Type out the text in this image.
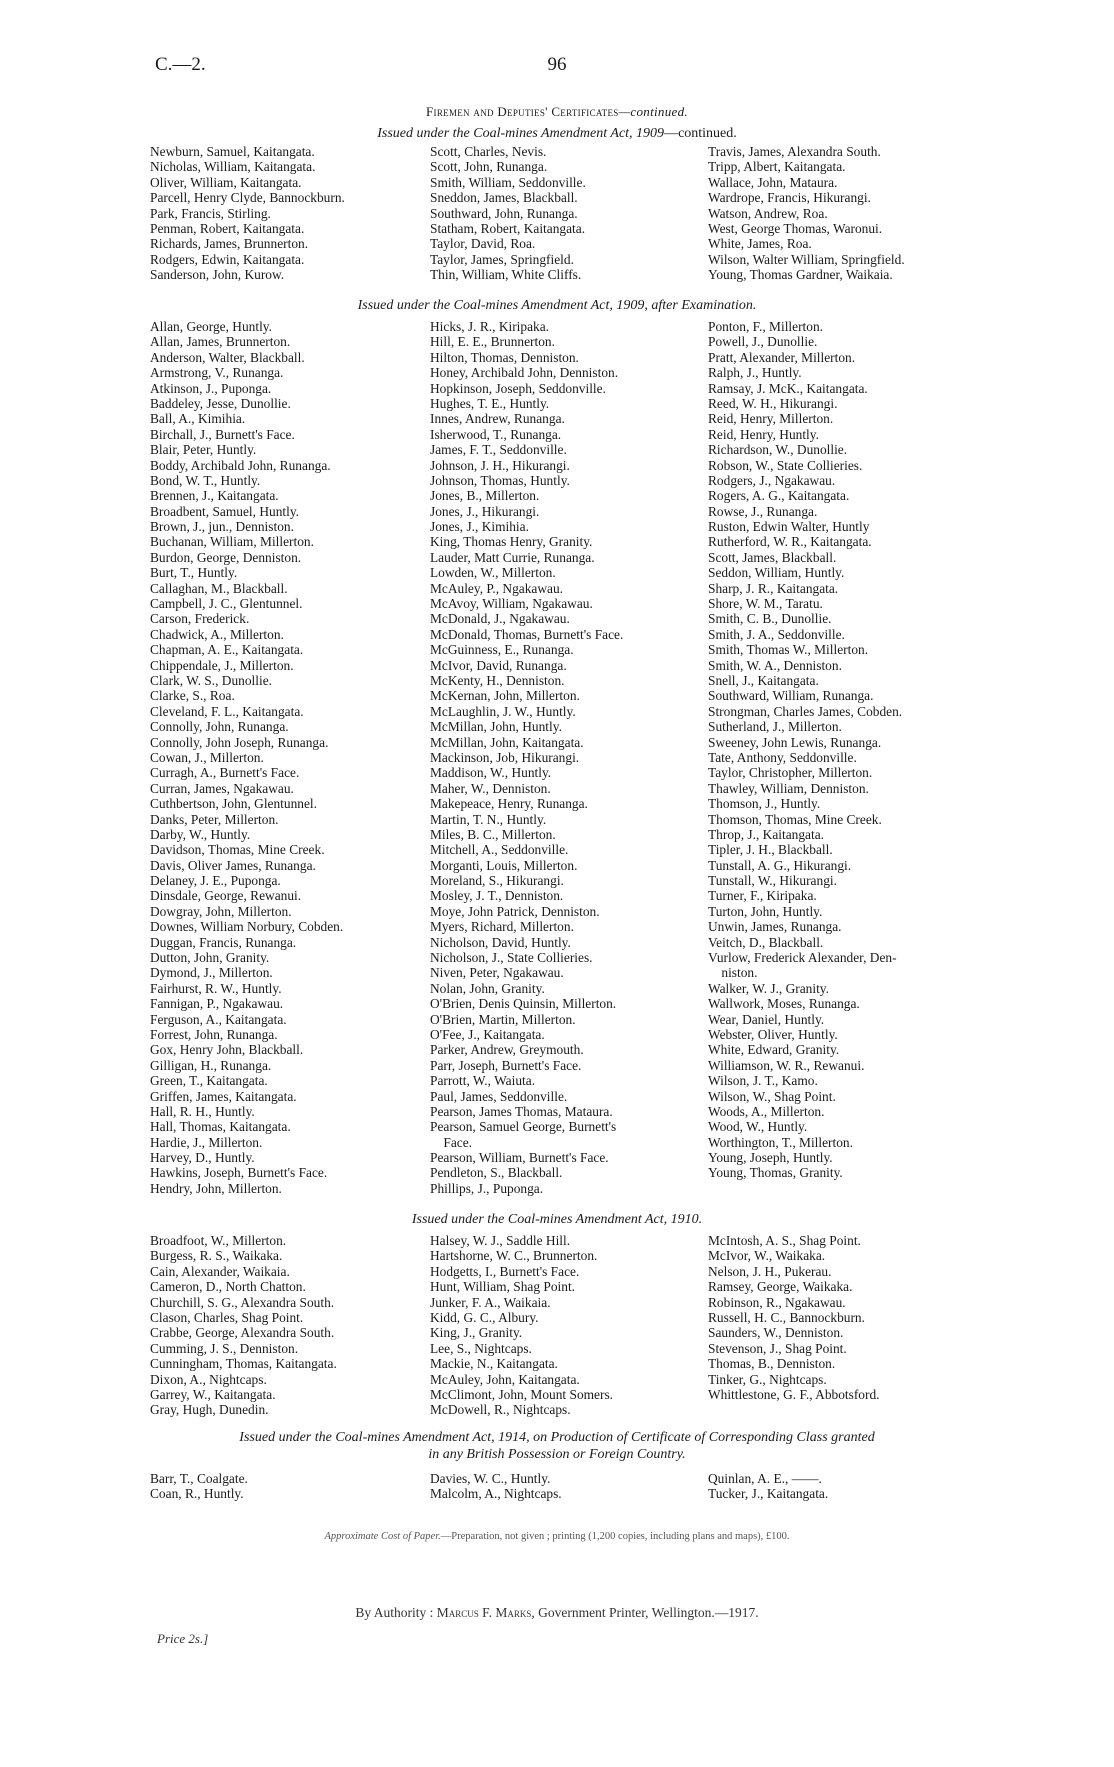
C.—2.	96
Firemen and Deputies' Certificates—continued.
Issued under the Coal-mines Amendment Act, 1909—continued.
Newburn, Samuel, Kaitangata.
Nicholas, William, Kaitangata.
Oliver, William, Kaitangata.
Parcell, Henry Clyde, Bannockburn.
Park, Francis, Stirling.
Penman, Robert, Kaitangata.
Richards, James, Brunnerton.
Rodgers, Edwin, Kaitangata.
Sanderson, John, Kurow.
Scott, Charles, Nevis.
Scott, John, Runanga.
Smith, William, Seddonville.
Sneddon, James, Blackball.
Southward, John, Runanga.
Statham, Robert, Kaitangata.
Taylor, David, Roa.
Taylor, James, Springfield.
Thin, William, White Cliffs.
Travis, James, Alexandra South.
Tripp, Albert, Kaitangata.
Wallace, John, Mataura.
Wardrope, Francis, Hikurangi.
Watson, Andrew, Roa.
West, George Thomas, Waronui.
White, James, Roa.
Wilson, Walter William, Springfield.
Young, Thomas Gardner, Waikaia.
Issued under the Coal-mines Amendment Act, 1909, after Examination.
Allan, George, Huntly.
Allan, James, Brunnerton.
Anderson, Walter, Blackball.
Armstrong, V., Runanga.
Atkinson, J., Puponga.
Baddeley, Jesse, Dunollie.
Ball, A., Kimihia.
Birchall, J., Burnett's Face.
Blair, Peter, Huntly.
Boddy, Archibald John, Runanga.
Bond, W. T., Huntly.
Brennen, J., Kaitangata.
Broadbent, Samuel, Huntly.
Brown, J., jun., Denniston.
Buchanan, William, Millerton.
Burdon, George, Denniston.
Burt, T., Huntly.
Callaghan, M., Blackball.
Campbell, J. C., Glentunnel.
Carson, Frederick.
Chadwick, A., Millerton.
Chapman, A. E., Kaitangata.
Chippendale, J., Millerton.
Clark, W. S., Dunollie.
Clarke, S., Roa.
Cleveland, F. L., Kaitangata.
Connolly, John, Runanga.
Connolly, John Joseph, Runanga.
Cowan, J., Millerton.
Curragh, A., Burnett's Face.
Curran, James, Ngakawau.
Cuthbertson, John, Glentunnel.
Danks, Peter, Millerton.
Darby, W., Huntly.
Davidson, Thomas, Mine Creek.
Davis, Oliver James, Runanga.
Delaney, J. E., Puponga.
Dinsdale, George, Rewanui.
Dowgray, John, Millerton.
Downes, William Norbury, Cobden.
Duggan, Francis, Runanga.
Dutton, John, Granity.
Dymond, J., Millerton.
Fairhurst, R. W., Huntly.
Fannigan, P., Ngakawau.
Ferguson, A., Kaitangata.
Forrest, John, Runanga.
Gox, Henry John, Blackball.
Gilligan, H., Runanga.
Green, T., Kaitangata.
Griffen, James, Kaitangata.
Hall, R. H., Huntly.
Hall, Thomas, Kaitangata.
Hardie, J., Millerton.
Harvey, D., Huntly.
Hawkins, Joseph, Burnett's Face.
Hendry, John, Millerton.
Hicks, J. R., Kiripaka.
Hill, E. E., Brunnerton.
Hilton, Thomas, Denniston.
Honey, Archibald John, Denniston.
Hopkinson, Joseph, Seddonville.
Hughes, T. E., Huntly.
Innes, Andrew, Runanga.
Isherwood, T., Runanga.
James, F. T., Seddonville.
Johnson, J. H., Hikurangi.
Johnson, Thomas, Huntly.
Jones, B., Millerton.
Jones, J., Hikurangi.
Jones, J., Kimihia.
King, Thomas Henry, Granity.
Lauder, Matt Currie, Runanga.
Lowden, W., Millerton.
McAuley, P., Ngakawau.
McAvoy, William, Ngakawau.
McDonald, J., Ngakawau.
McDonald, Thomas, Burnett's Face.
McGuinness, E., Runanga.
McIvor, David, Runanga.
McKenty, H., Denniston.
McKernan, John, Millerton.
McLaughlin, J. W., Huntly.
McMillan, John, Huntly.
McMillan, John, Kaitangata.
Mackinson, Job, Hikurangi.
Maddison, W., Huntly.
Maher, W., Denniston.
Makepeace, Henry, Runanga.
Martin, T. N., Huntly.
Miles, B. C., Millerton.
Mitchell, A., Seddonville.
Morganti, Louis, Millerton.
Moreland, S., Hikurangi.
Mosley, J. T., Denniston.
Moye, John Patrick, Denniston.
Myers, Richard, Millerton.
Nicholson, David, Huntly.
Nicholson, J., State Collieries.
Niven, Peter, Ngakawau.
Nolan, John, Granity.
O'Brien, Denis Quinsin, Millerton.
O'Brien, Martin, Millerton.
O'Fee, J., Kaitangata.
Parker, Andrew, Greymouth.
Parr, Joseph, Burnett's Face.
Parrott, W., Waiuta.
Paul, James, Seddonville.
Pearson, James Thomas, Mataura.
Pearson, Samuel George, Burnett's
Face.
Pearson, William, Burnett's Face.
Pendleton, S., Blackball.
Phillips, J., Puponga.
Ponton, F., Millerton.
Powell, J., Dunollie.
Pratt, Alexander, Millerton.
Ralph, J., Huntly.
Ramsay, J. McK., Kaitangata.
Reed, W. H., Hikurangi.
Reid, Henry, Millerton.
Reid, Henry, Huntly.
Richardson, W., Dunollie.
Robson, W., State Collieries.
Rodgers, J., Ngakawau.
Rogers, A. G., Kaitangata.
Rowse, J., Runanga.
Ruston, Edwin Walter, Huntly
Rutherford, W. R., Kaitangata.
Scott, James, Blackball.
Seddon, William, Huntly.
Sharp, J. R., Kaitangata.
Shore, W. M., Taratu.
Smith, C. B., Dunollie.
Smith, J. A., Seddonville.
Smith, Thomas W., Millerton.
Smith, W. A., Denniston.
Snell, J., Kaitangata.
Southward, William, Runanga.
Strongman, Charles James, Cobden.
Sutherland, J., Millerton.
Sweeney, John Lewis, Runanga.
Tate, Anthony, Seddonville.
Taylor, Christopher, Millerton.
Thawley, William, Denniston.
Thomson, J., Huntly.
Thomson, Thomas, Mine Creek.
Throp, J., Kaitangata.
Tipler, J. H., Blackball.
Tunstall, A. G., Hikurangi.
Tunstall, W., Hikurangi.
Turner, F., Kiripaka.
Turton, John, Huntly.
Unwin, James, Runanga.
Veitch, D., Blackball.
Vurlow, Frederick Alexander, Den-
niston.
Walker, W. J., Granity.
Wallwork, Moses, Runanga.
Wear, Daniel, Huntly.
Webster, Oliver, Huntly.
White, Edward, Granity.
Williamson, W. R., Rewanui.
Wilson, J. T., Kamo.
Wilson, W., Shag Point.
Woods, A., Millerton.
Wood, W., Huntly.
Worthington, T., Millerton.
Young, Joseph, Huntly.
Young, Thomas, Granity.
Issued under the Coal-mines Amendment Act, 1910.
Broadfoot, W., Millerton.
Burgess, R. S., Waikaka.
Cain, Alexander, Waikaia.
Cameron, D., North Chatton.
Churchill, S. G., Alexandra South.
Clason, Charles, Shag Point.
Crabbe, George, Alexandra South.
Cumming, J. S., Denniston.
Cunningham, Thomas, Kaitangata.
Dixon, A., Nightcaps.
Garrey, W., Kaitangata.
Gray, Hugh, Dunedin.
Halsey, W. J., Saddle Hill.
Hartshorne, W. C., Brunnerton.
Hodgetts, I., Burnett's Face.
Hunt, William, Shag Point.
Junker, F. A., Waikaia.
Kidd, G. C., Albury.
King, J., Granity.
Lee, S., Nightcaps.
Mackie, N., Kaitangata.
McAuley, John, Kaitangata.
McClimont, John, Mount Somers.
McDowell, R., Nightcaps.
McIntosh, A. S., Shag Point.
McIvor, W., Waikaka.
Nelson, J. H., Pukerau.
Ramsey, George, Waikaka.
Robinson, R., Ngakawau.
Russell, H. C., Bannockburn.
Saunders, W., Denniston.
Stevenson, J., Shag Point.
Thomas, B., Denniston.
Tinker, G., Nightcaps.
Whittlestone, G. F., Abbotsford.
Issued under the Coal-mines Amendment Act, 1914, on Production of Certificate of Corresponding Class granted
in any British Possession or Foreign Country.
Barr, T., Coalgate.
Coan, R., Huntly.
Davies, W. C., Huntly.
Malcolm, A., Nightcaps.
Quinlan, A. E., ——.
Tucker, J., Kaitangata.
Approximate Cost of Paper.—Preparation, not given ; printing (1,200 copies, including plans and maps), £100.
By Authority : Marcus F. Marks, Government Printer, Wellington.—1917.
Price 2s.]
